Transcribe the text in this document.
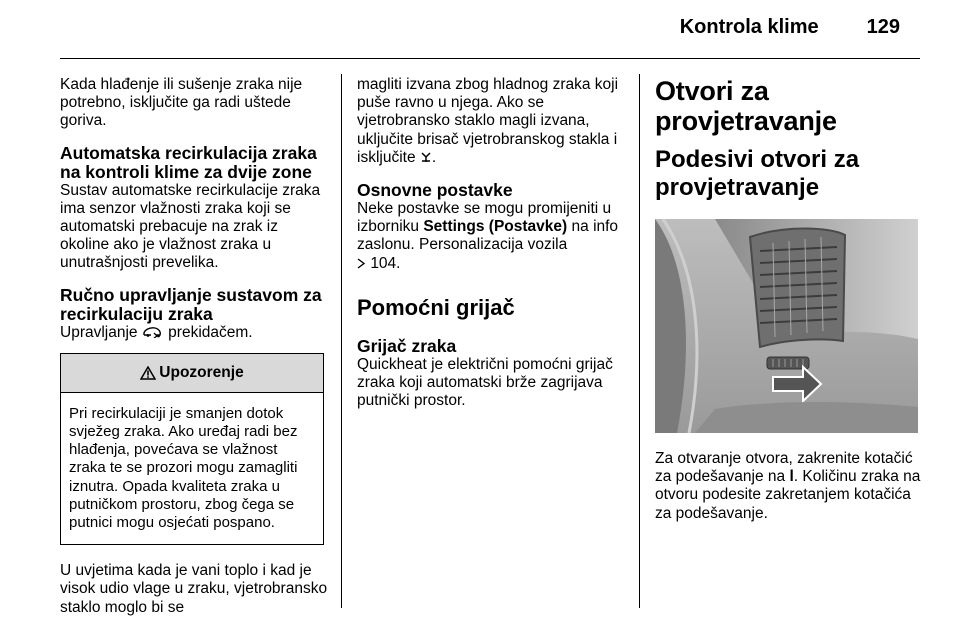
Kontrola klime 129

Kada hlađenje ili sušenje zraka nije potrebno, isključite ga radi uštede goriva.

Automatska recirkulacija zraka na kontroli klime za dvije zone

Sustav automatske recirkulacije zraka ima senzor vlažnosti zraka koji se automatski prebacuje na zrak iz okoline ako je vlažnost zraka u unutrašnjosti prevelika.

Ručno upravljanje sustavom za recirkulaciju zraka

Upravljanje prekidačem.

Upozorenje
Pri recirkulaciji je smanjen dotok svježeg zraka. Ako uređaj radi bez hlađenja, povećava se vlažnost zraka te se prozori mogu zamagliti iznutra. Opada kvaliteta zraka u putničkom prostoru, zbog čega se putnici mogu osjećati pospano.

U uvjetima kada je vani toplo i kad je visok udio vlage u zraku, vjetrobransko staklo moglo bi se

magliti izvana zbog hladnog zraka koji puše ravno u njega. Ako se vjetrobransko staklo magli izvana, uključite brisač vjetrobranskog stakla i isključite .

Osnovne postavke

Neke postavke se mogu promijeniti u izborniku Settings (Postavke) na info zaslonu. Personalizacija vozila
104.

Pomoćni grijač
Grijač zraka

Quickheat je električni pomoćni grijač zraka koji automatski brže zagrijava putnički prostor.

Otvori za provjetravanje
Podesivi otvori za provjetravanje

Za otvaranje otvora, zakrenite kotačić za podešavanje na l. Količinu zraka na otvoru podesite zakretanjem kotačića za podešavanje.
